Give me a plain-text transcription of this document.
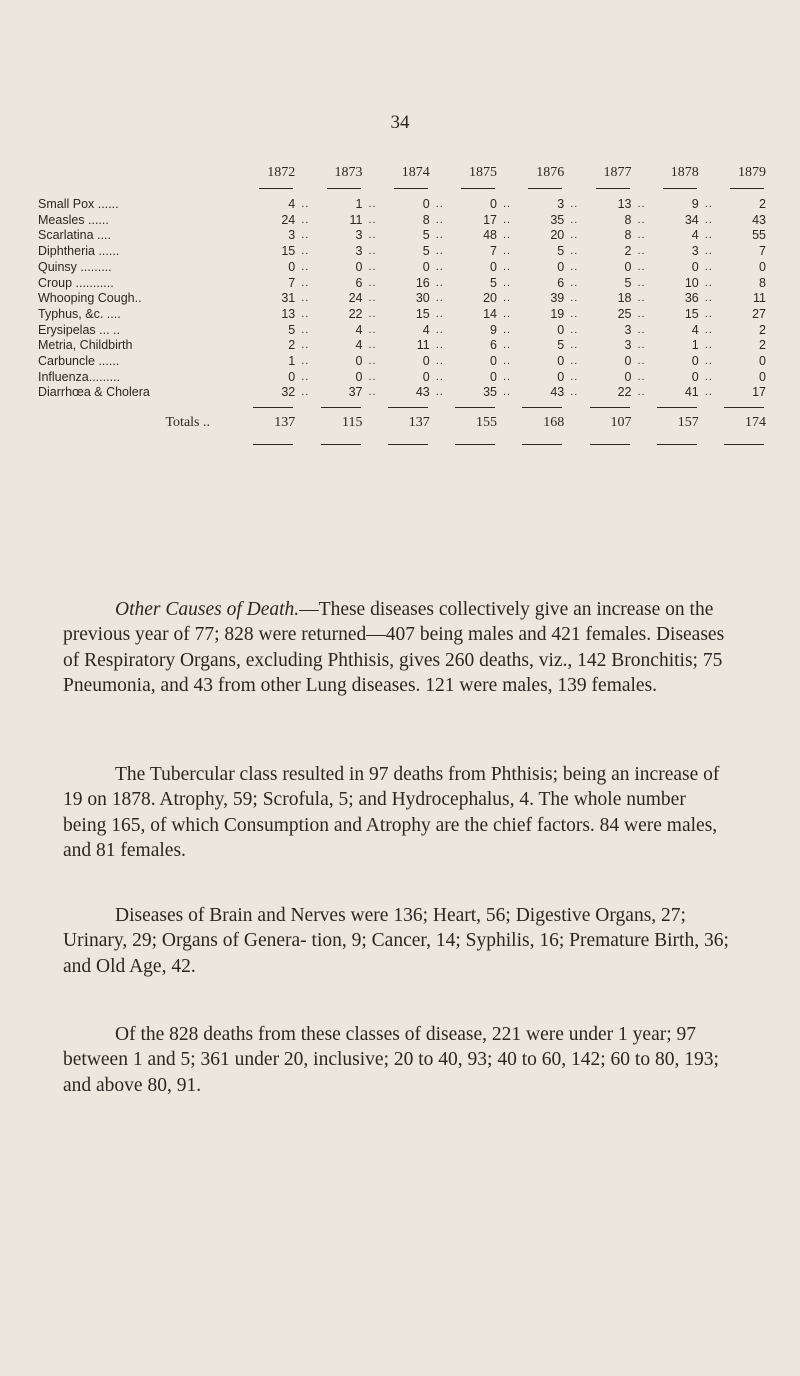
34
	1872		1873		1874		1875		1876		1877		1878		1879
Small Pox ......	4	..	1	..	0	..	0	..	3	..	13	..	9	..	2
Measles ......	24	..	11	..	8	..	17	..	35	..	8	..	34	..	43
Scarlatina ....	3	..	3	..	5	..	48	..	20	..	8	..	4	..	55
Diphtheria ......	15	..	3	..	5	..	7	..	5	..	2	..	3	..	7
Quinsy .........	0	..	0	..	0	..	0	..	0	..	0	..	0	..	0
Croup ...........	7	..	6	..	16	..	5	..	6	..	5	..	10	..	8
Whooping Cough..	31	..	24	..	30	..	20	..	39	..	18	..	36	..	11
Typhus, &c. ....	13	..	22	..	15	..	14	..	19	..	25	..	15	..	27
Erysipelas ... ..	5	..	4	..	4	..	9	..	0	..	3	..	4	..	2
Metria, Childbirth	2	..	4	..	11	..	6	..	5	..	3	..	1	..	2
Carbuncle ......	1	..	0	..	0	..	0	..	0	..	0	..	0	..	0
Influenza.........	0	..	0	..	0	..	0	..	0	..	0	..	0	..	0
Diarrhœa & Cholera	32	..	37	..	43	..	35	..	43	..	22	..	41	..	17
Totals ..	137		115		137		155		168		107		157		174

Other Causes of Death.—These diseases collectively give an increase on the previous year of 77; 828 were returned—407 being males and 421 females. Diseases of Respiratory Organs, excluding Phthisis, gives 260 deaths, viz., 142 Bronchitis; 75 Pneumonia, and 43 from other Lung diseases. 121 were males, 139 females.

The Tubercular class resulted in 97 deaths from Phthisis; being an increase of 19 on 1878. Atrophy, 59; Scrofula, 5; and Hydrocephalus, 4. The whole number being 165, of which Consumption and Atrophy are the chief factors. 84 were males, and 81 females.

Diseases of Brain and Nerves were 136; Heart, 56; Digestive Organs, 27; Urinary, 29; Organs of Genera- tion, 9; Cancer, 14; Syphilis, 16; Premature Birth, 36; and Old Age, 42.

Of the 828 deaths from these classes of disease, 221 were under 1 year; 97 between 1 and 5; 361 under 20, inclusive; 20 to 40, 93; 40 to 60, 142; 60 to 80, 193; and above 80, 91.
